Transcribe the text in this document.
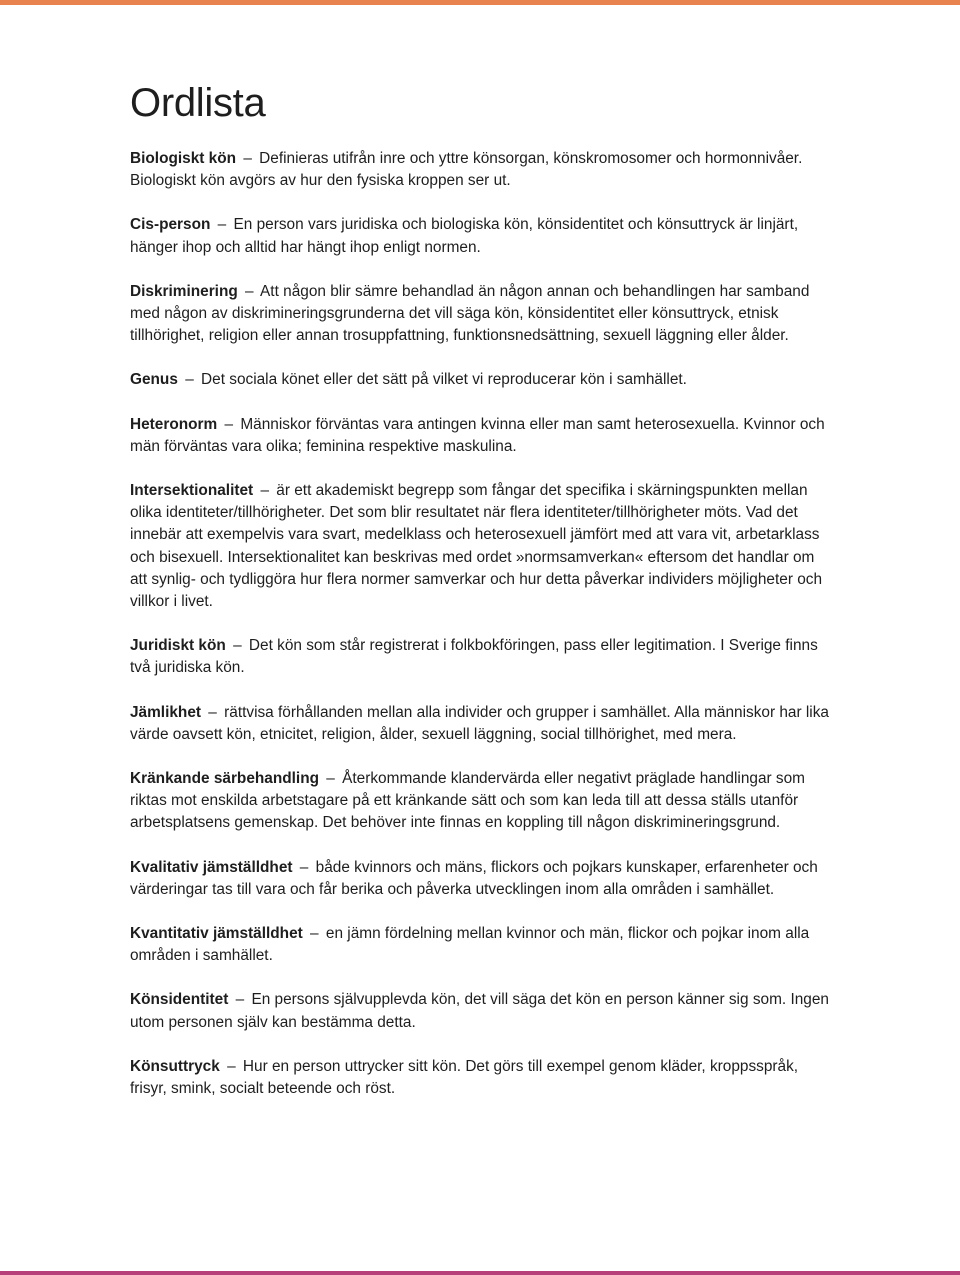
Ordlista

Biologiskt kön – Definieras utifrån inre och yttre könsorgan, könskromosomer och hormonnivåer. Biologiskt kön avgörs av hur den fysiska kroppen ser ut.

Cis-person – En person vars juridiska och biologiska kön, könsidentitet och könsuttryck är linjärt, hänger ihop och alltid har hängt ihop enligt normen.

Diskriminering – Att någon blir sämre behandlad än någon annan och behandlingen har samband med någon av diskrimineringsgrunderna det vill säga kön, könsidentitet eller könsuttryck, etnisk tillhörighet, religion eller annan trosuppfattning, funktionsnedsättning, sexuell läggning eller ålder.

Genus – Det sociala könet eller det sätt på vilket vi reproducerar kön i samhället.

Heteronorm – Människor förväntas vara antingen kvinna eller man samt heterosexuella. Kvinnor och män förväntas vara olika; feminina respektive maskulina.

Intersektionalitet – är ett akademiskt begrepp som fångar det specifika i skärningspunkten mellan olika identiteter/tillhörigheter. Det som blir resultatet när flera identiteter/tillhörigheter möts. Vad det innebär att exempelvis vara svart, medelklass och heterosexuell jämfört med att vara vit, arbetarklass och bisexuell. Intersektionalitet kan beskrivas med ordet »normsamverkan« eftersom det handlar om att synlig- och tydliggöra hur flera normer samverkar och hur detta påverkar individers möjligheter och villkor i livet.

Juridiskt kön – Det kön som står registrerat i folkbokföringen, pass eller legitimation. I Sverige finns två juridiska kön.

Jämlikhet – rättvisa förhållanden mellan alla individer och grupper i samhället. Alla människor har lika värde oavsett kön, etnicitet, religion, ålder, sexuell läggning, social tillhörighet, med mera.

Kränkande särbehandling – Återkommande klandervärda eller negativt präglade handlingar som riktas mot enskilda arbetstagare på ett kränkande sätt och som kan leda till att dessa ställs utanför arbetsplatsens gemenskap. Det behöver inte finnas en koppling till någon diskrimineringsgrund.

Kvalitativ jämställdhet – både kvinnors och mäns, flickors och pojkars kunskaper, erfarenheter och värderingar tas till vara och får berika och påverka utvecklingen inom alla områden i samhället.

Kvantitativ jämställdhet – en jämn fördelning mellan kvinnor och män, flickor och pojkar inom alla områden i samhället.

Könsidentitet – En persons självupplevda kön, det vill säga det kön en person känner sig som. Ingen utom personen själv kan bestämma detta.

Könsuttryck – Hur en person uttrycker sitt kön. Det görs till exempel genom kläder, kroppsspråk, frisyr, smink, socialt beteende och röst.
